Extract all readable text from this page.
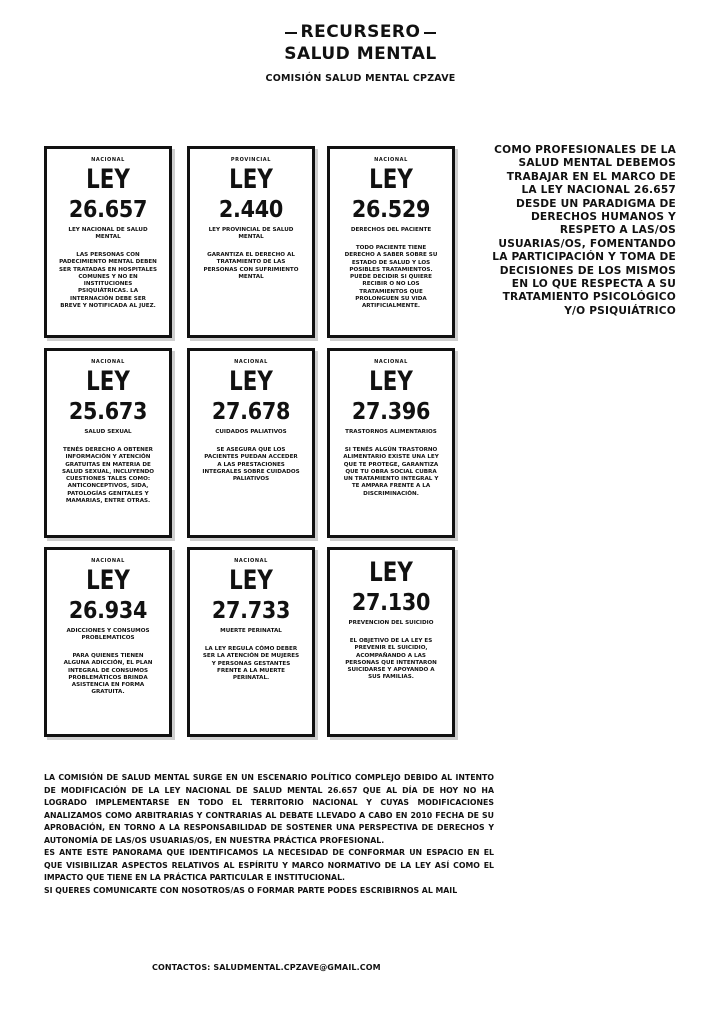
RECURSERO
SALUD MENTAL
COMISIÓN SALUD MENTAL CPZAVE
NACIONAL
LEY
26.657
LEY NACIONAL DE SALUD MENTAL
LAS PERSONAS CON PADECIMIENTO MENTAL DEBEN SER TRATADAS EN HOSPITALES COMUNES Y NO EN INSTITUCIONES PSIQUIÁTRICAS. LA INTERNACIÓN DEBE SER BREVE Y NOTIFICADA AL JUEZ.
PROVINCIAL
LEY
2.440
LEY PROVINCIAL DE SALUD MENTAL
GARANTIZA EL DERECHO AL TRATAMIENTO DE LAS PERSONAS CON SUFRIMIENTO MENTAL
NACIONAL
LEY
26.529
DERECHOS DEL PACIENTE
TODO PACIENTE TIENE DERECHO A SABER SOBRE SU ESTADO DE SALUD Y LOS POSIBLES TRATAMIENTOS. PUEDE DECIDIR SI QUIERE RECIBIR O NO LOS TRATAMIENTOS QUE PROLONGUEN SU VIDA ARTIFICIALMENTE.
NACIONAL
LEY
25.673
SALUD SEXUAL
TENÉS DERECHO A OBTENER INFORMACIÓN Y ATENCIÓN GRATUITAS EN MATERIA DE SALUD SEXUAL, INCLUYENDO CUESTIONES TALES COMO: ANTICONCEPTIVOS, SIDA, PATOLOGÍAS GENITALES Y MAMARIAS, ENTRE OTRAS.
NACIONAL
LEY
27.678
CUIDADOS PALIATIVOS
SE ASEGURA QUE LOS PACIENTES PUEDAN ACCEDER A LAS PRESTACIONES INTEGRALES SOBRE CUIDADOS PALIATIVOS
NACIONAL
LEY
27.396
TRASTORNOS ALIMENTARIOS
SI TENÉS ALGÚN TRASTORNO ALIMENTARIO EXISTE UNA LEY QUE TE PROTEGE, GARANTIZA QUE TU OBRA SOCIAL CUBRA UN TRATAMIENTO INTEGRAL Y TE AMPARA FRENTE A LA DISCRIMINACIÓN.
NACIONAL
LEY
26.934
ADICCIONES Y CONSUMOS PROBLEMATICOS
PARA QUIENES TIENEN ALGUNA ADICCIÓN, EL PLAN INTEGRAL DE CONSUMOS PROBLEMÁTICOS BRINDA ASISTENCIA EN FORMA GRATUITA.
NACIONAL
LEY
27.733
MUERTE PERINATAL
LA LEY REGULA CÓMO DEBER SER LA ATENCIÓN DE MUJERES Y PERSONAS GESTANTES FRENTE A LA MUERTE PERINATAL.
LEY
27.130
PREVENCION DEL SUICIDIO
EL OBJETIVO DE LA LEY ES PREVENIR EL SUICIDIO, ACOMPAÑANDO A LAS PERSONAS QUE INTENTARON SUICIDARSE Y APOYANDO A SUS FAMILIAS.
COMO PROFESIONALES DE LA SALUD MENTAL DEBEMOS TRABAJAR EN EL MARCO DE LA LEY NACIONAL 26.657 DESDE UN PARADIGMA DE DERECHOS HUMANOS Y RESPETO A LAS/OS USUARIAS/OS, FOMENTANDO LA PARTICIPACIÓN Y TOMA DE DECISIONES DE LOS MISMOS EN LO QUE RESPECTA A SU TRATAMIENTO PSICOLÓGICO Y/O PSIQUIÁTRICO

LA COMISIÓN DE SALUD MENTAL SURGE EN UN ESCENARIO POLÍTICO COMPLEJO DEBIDO AL INTENTO DE MODIFICACIÓN DE LA LEY NACIONAL DE SALUD MENTAL 26.657 QUE AL DÍA DE HOY NO HA LOGRADO IMPLEMENTARSE EN TODO EL TERRITORIO NACIONAL Y CUYAS MODIFICACIONES ANALIZAMOS COMO ARBITRARIAS Y CONTRARIAS AL DEBATE LLEVADO A CABO EN 2010 FECHA DE SU APROBACIÓN, EN TORNO A LA RESPONSABILIDAD DE SOSTENER UNA PERSPECTIVA DE DERECHOS Y AUTONOMÍA DE LAS/OS USUARIAS/OS, EN NUESTRA PRÁCTICA PROFESIONAL.

ES ANTE ESTE PANORAMA QUE IDENTIFICAMOS LA NECESIDAD DE CONFORMAR UN ESPACIO EN EL QUE VISIBILIZAR ASPECTOS RELATIVOS AL ESPÍRITU Y MARCO NORMATIVO DE LA LEY ASÍ COMO EL IMPACTO QUE TIENE EN LA PRÁCTICA PARTICULAR E INSTITUCIONAL.

SI QUERES COMUNICARTE CON NOSOTROS/AS O FORMAR PARTE PODES ESCRIBIRNOS AL MAIL

CONTACTOS: SALUDMENTAL.CPZAVE@GMAIL.COM
